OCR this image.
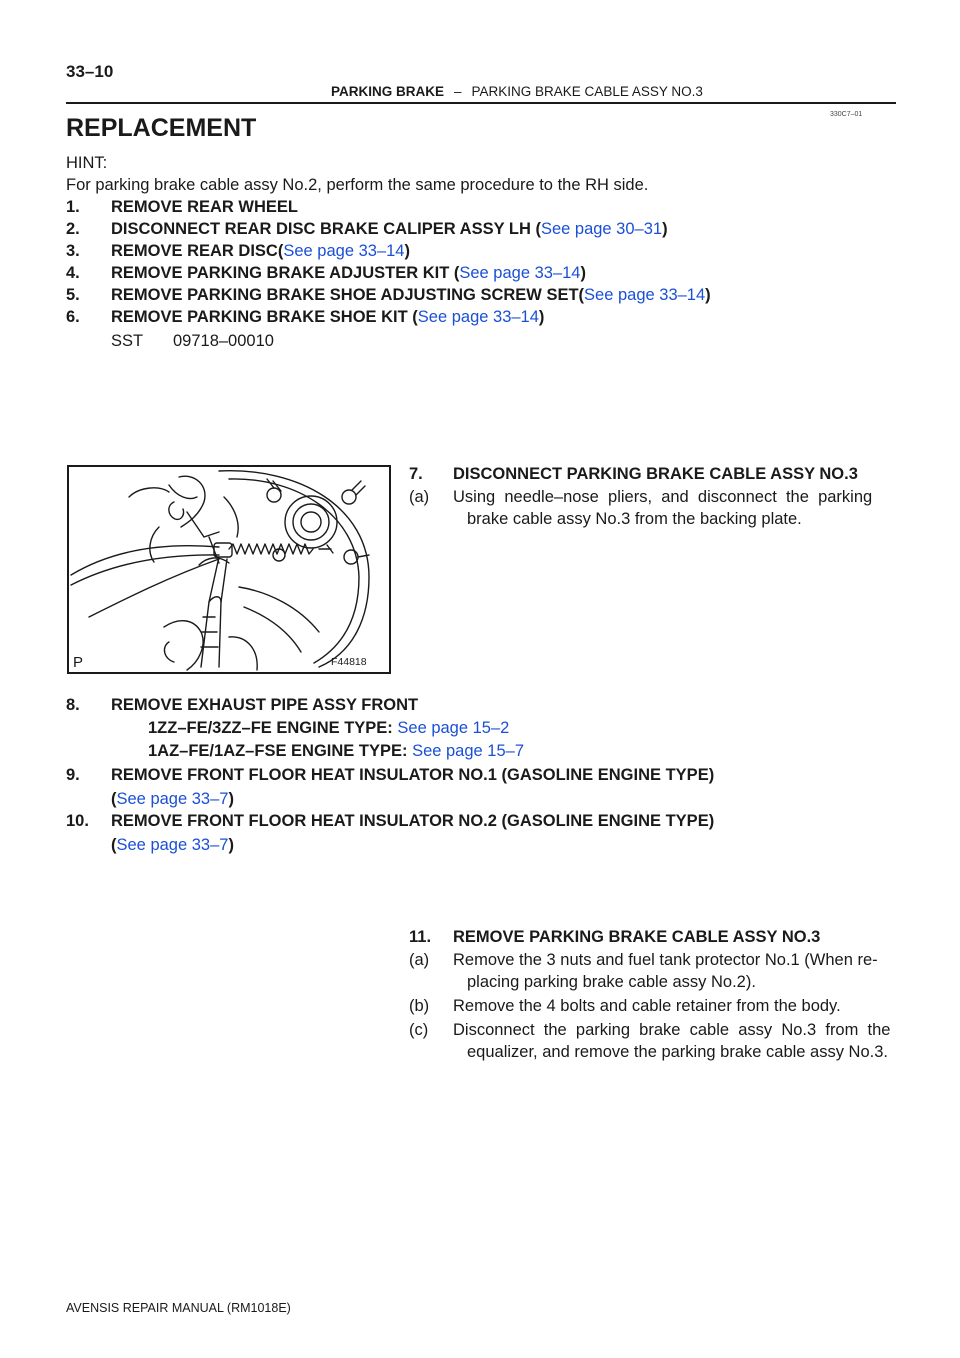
33–10
PARKING BRAKE – PARKING BRAKE CABLE ASSY NO.3
330C7–01
REPLACEMENT
HINT:
For parking brake cable assy No.2, perform the same procedure to the RH side.
1. REMOVE REAR WHEEL
2. DISCONNECT REAR DISC BRAKE CALIPER ASSY LH (See page 30–31)
3. REMOVE REAR DISC(See page 33–14)
4. REMOVE PARKING BRAKE ADJUSTER KIT (See page 33–14)
5. REMOVE PARKING BRAKE SHOE ADJUSTING SCREW SET(See page 33–14)
6. REMOVE PARKING BRAKE SHOE KIT (See page 33–14)
SST 09718–00010
P	F44818
7. DISCONNECT PARKING BRAKE CABLE ASSY NO.3
(a) Using  needle–nose  pliers,  and  disconnect  the  parking
brake cable assy No.3 from the backing plate.
8. REMOVE EXHAUST PIPE ASSY FRONT
1ZZ–FE/3ZZ–FE ENGINE TYPE: See page 15–2
1AZ–FE/1AZ–FSE ENGINE TYPE: See page 15–7
9. REMOVE FRONT FLOOR HEAT INSULATOR NO.1 (GASOLINE ENGINE TYPE)
(See page 33–7)
10. REMOVE FRONT FLOOR HEAT INSULATOR NO.2 (GASOLINE ENGINE TYPE)
(See page 33–7)
11. REMOVE PARKING BRAKE CABLE ASSY NO.3
(a) Remove the 3 nuts and fuel tank protector No.1 (When re-
placing parking brake cable assy No.2).
(b) Remove the 4 bolts and cable retainer from the body.
(c) Disconnect  the  parking  brake  cable  assy  No.3  from  the
equalizer, and remove the parking brake cable assy No.3.
AVENSIS REPAIR MANUAL (RM1018E)
